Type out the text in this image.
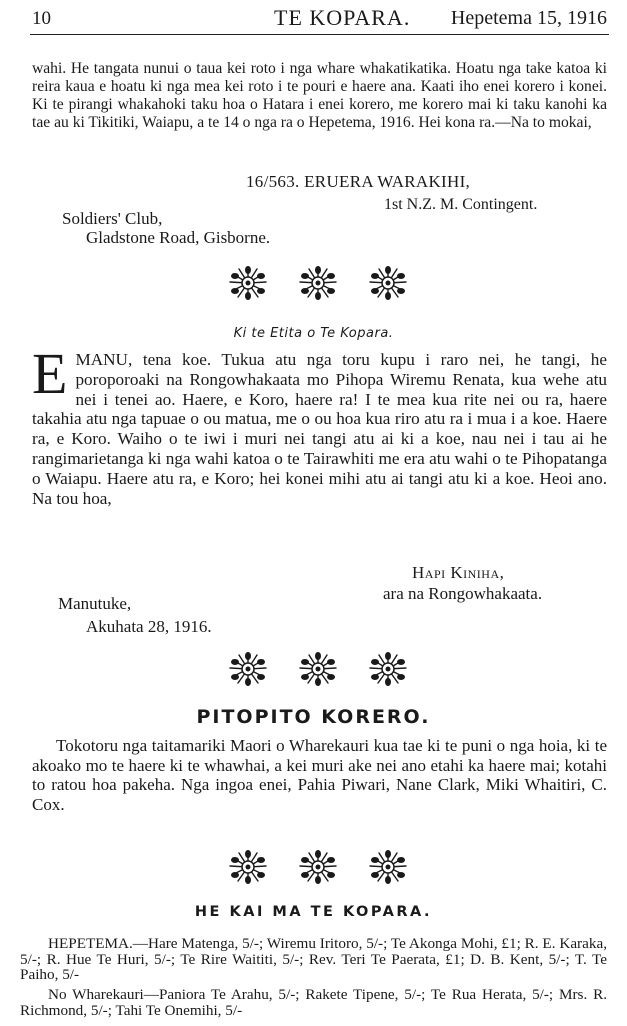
10	TE KOPARA. Hepetema 15, 1916

wahi. He tangata nunui o taua kei roto i nga whare whakatikatika. Hoatu nga take katoa ki reira kaua e hoatu ki nga mea kei roto i te pouri e haere ana. Kaati iho enei korero i konei. Ki te pirangi whakahoki taku hoa o Hatara i enei korero, me korero mai ki taku kanohi ka tae au ki Tikitiki, Waiapu, a te 14 o nga ra o Hepetema, 1916. Hei kona ra.—Na to mokai,

16/563. ERUERA WARAKIHI,
1st N.Z. M. Contingent.
Soldiers' Club,
Gladstone Road, Gisborne.
Ki te Etita o Te Kopara.

EMANU, tena koe. Tukua atu nga toru kupu i raro nei, he tangi, he poroporoaki na Rongowhakaata mo Pihopa Wiremu Renata, kua wehe atu nei i tenei ao. Haere, e Koro, haere ra! I te mea kua rite nei ou ra, haere takahia atu nga tapuae o ou matua, me o ou hoa kua riro atu ra i mua i a koe. Haere ra, e Koro. Waiho o te iwi i muri nei tangi atu ai ki a koe, nau nei i tau ai he rangimarietanga ki nga wahi katoa o te Tairawhiti me era atu wahi o te Pihopatanga o Waiapu. Haere atu ra, e Koro; hei konei mihi atu ai tangi atu ki a koe. Heoi ano. Na tou hoa,

Hapi Kiniha,
ara na Rongowhakaata.
Manutuke,
Akuhata 28, 1916.
PITOPITO KORERO.

Tokotoru nga taitamariki Maori o Wharekauri kua tae ki te puni o nga hoia, ki te akoako mo te haere ki te whawhai, a kei muri ake nei ano etahi ka haere mai; kotahi to ratou hoa pakeha. Nga ingoa enei, Pahia Piwari, Nane Clark, Miki Whaitiri, C. Cox.

HE KAI MA TE KOPARA.

HEPETEMA.—Hare Matenga, 5/-; Wiremu Iritoro, 5/-; Te Akonga Mohi, £1; R. E. Karaka, 5/-; R. Hue Te Huri, 5/-; Te Rire Waititi, 5/-; Rev. Teri Te Paerata, £1; D. B. Kent, 5/-; T. Te Paiho, 5/-

No Wharekauri—Paniora Te Arahu, 5/-; Rakete Tipene, 5/-; Te Rua Herata, 5/-; Mrs. R. Richmond, 5/-; Tahi Te Onemihi, 5/-
